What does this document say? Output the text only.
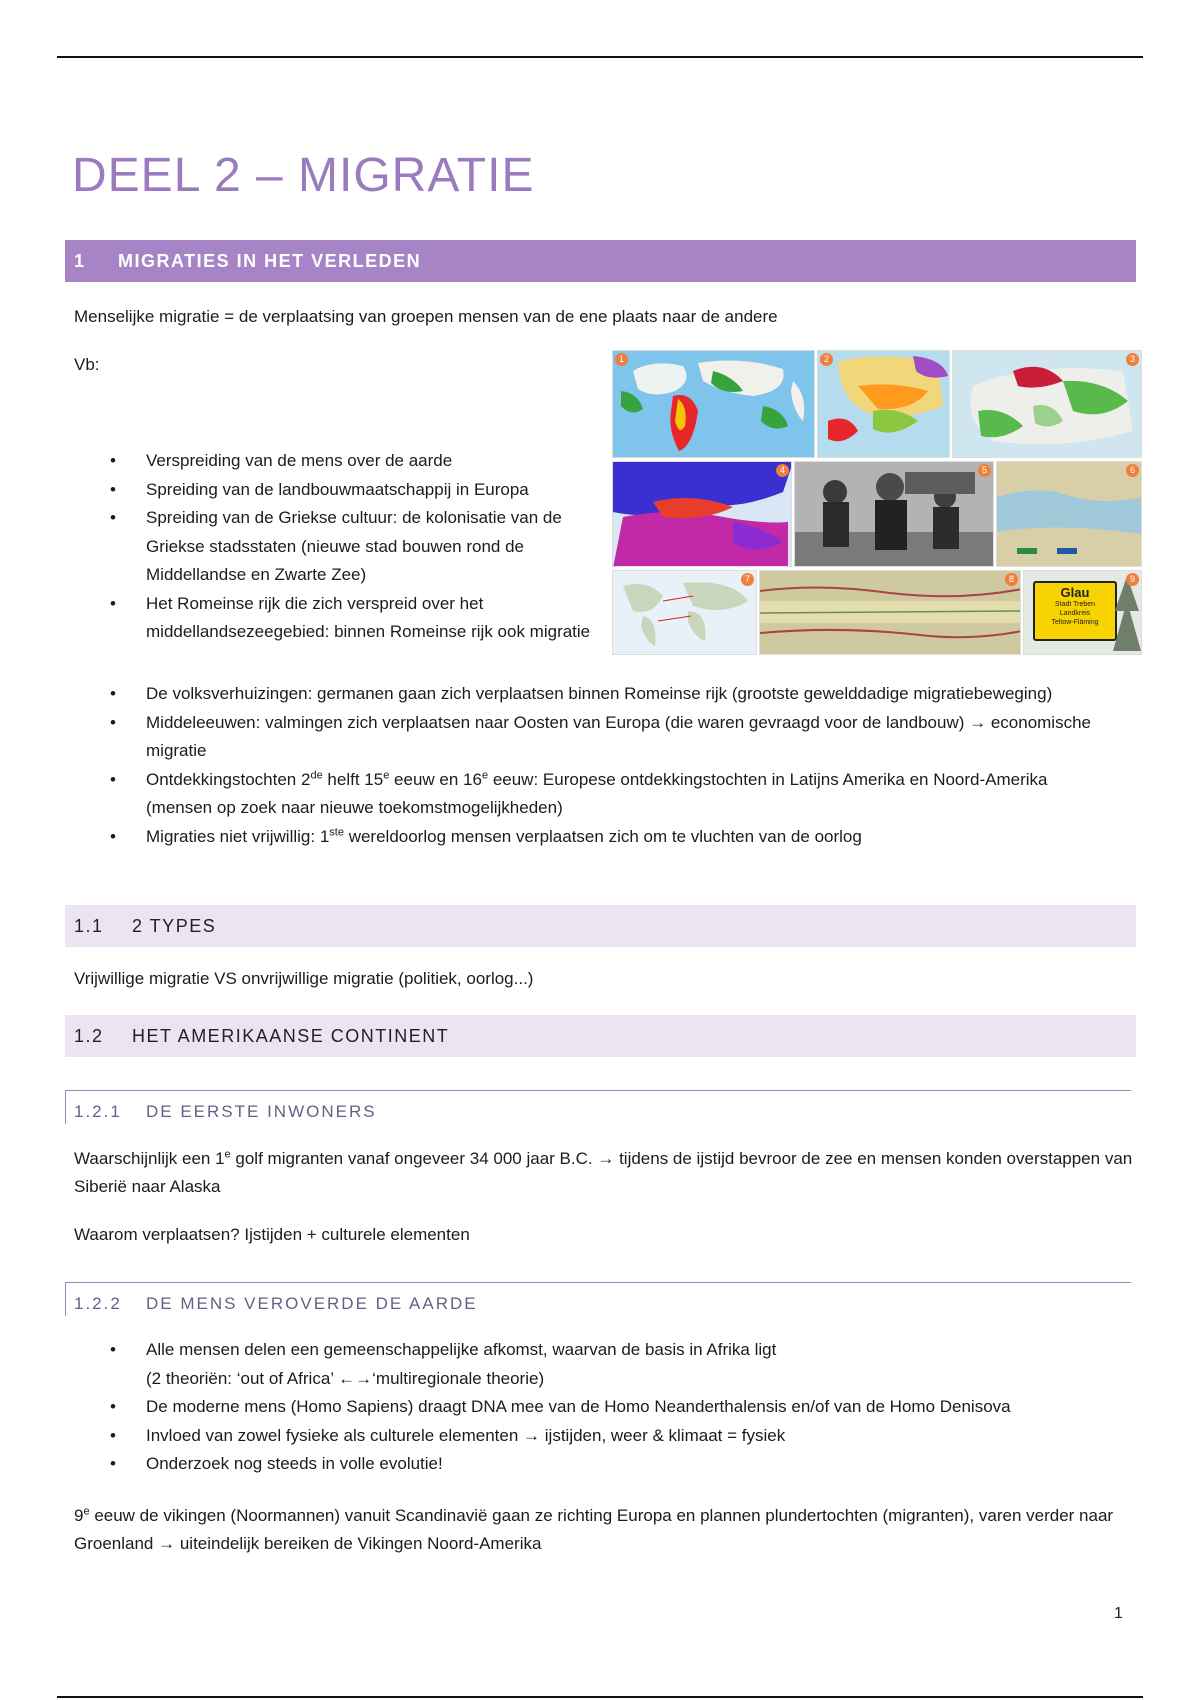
DEEL 2 – MIGRATIE
1	MIGRATIES IN HET VERLEDEN

Menselijke migratie = de verplaatsing van groepen mensen van de ene plaats naar de andere

Vb:

• Verspreiding van de mens over de aarde
• Spreiding van de landbouwmaatschappij in Europa
• Spreiding van de Griekse cultuur: de kolonisatie van de Griekse stadsstaten (nieuwe stad bouwen rond de Middellandse en Zwarte Zee)
• Het Romeinse rijk die zich verspreid over het middellandsezeegebied: binnen Romeinse rijk ook migratie
• De volksverhuizingen: germanen gaan zich verplaatsen binnen Romeinse rijk (grootste gewelddadige migratiebeweging)
• Middeleeuwen: valmingen zich verplaatsen naar Oosten van Europa (die waren gevraagd voor de landbouw) → economische migratie
• Ontdekkingstochten 2de helft 15e eeuw en 16e eeuw: Europese ontdekkingstochten in Latijns Amerika en Noord-Amerika (mensen op zoek naar nieuwe toekomstmogelijkheden)
• Migraties niet vrijwillig: 1ste wereldoorlog mensen verplaatsen zich om te vluchten van de oorlog
1	2	3
4	5	6
7	8
Glau
Stadt Treben
Landkreis
Teltow-Fläming
9
1.1	2 TYPES

Vrijwillige migratie VS onvrijwillige migratie (politiek, oorlog...)

1.2	HET AMERIKAANSE CONTINENT
1.2.1	DE EERSTE INWONERS

Waarschijnlijk een 1e golf migranten vanaf ongeveer 34 000 jaar B.C. → tijdens de ijstijd bevroor de zee en mensen konden overstappen van Siberië naar Alaska

Waarom verplaatsen? Ijstijden + culturele elementen

1.2.2	DE MENS VEROVERDE DE AARDE
• Alle mensen delen een gemeenschappelijke afkomst, waarvan de basis in Afrika ligt
(2 theoriën: ‘out of Africa’ ←→‘multiregionale theorie)
• De moderne mens (Homo Sapiens) draagt DNA mee van de Homo Neanderthalensis en/of van de Homo Denisova
• Invloed van zowel fysieke als culturele elementen → ijstijden, weer & klimaat = fysiek
• Onderzoek nog steeds in volle evolutie!

9e eeuw de vikingen (Noormannen) vanuit Scandinavië gaan ze richting Europa en plannen plundertochten (migranten), varen verder naar Groenland → uiteindelijk bereiken de Vikingen Noord-Amerika

1
